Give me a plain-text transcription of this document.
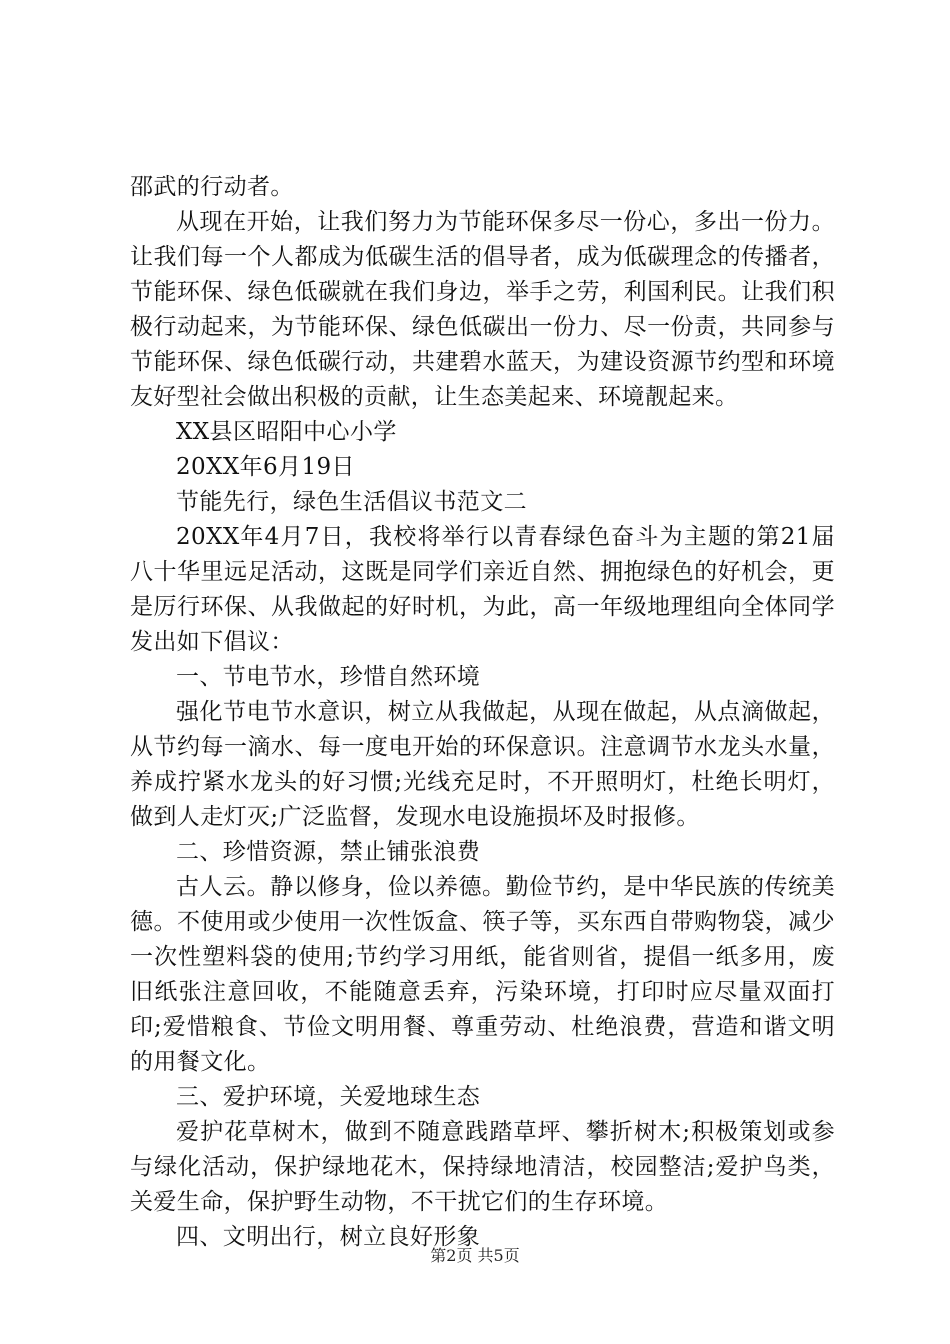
邵武的行动者。

从现在开始，让我们努力为节能环保多尽一份心，多出一份力。让我们每一个人都成为低碳生活的倡导者，成为低碳理念的传播者，节能环保、绿色低碳就在我们身边，举手之劳，利国利民。让我们积极行动起来，为节能环保、绿色低碳出一份力、尽一份责，共同参与节能环保、绿色低碳行动，共建碧水蓝天，为建设资源节约型和环境友好型社会做出积极的贡献，让生态美起来、环境靓起来。

XX县区昭阳中心小学

20XX年6月19日

节能先行，绿色生活倡议书范文二

20XX年4月7日，我校将举行以青春绿色奋斗为主题的第21届八十华里远足活动，这既是同学们亲近自然、拥抱绿色的好机会，更是厉行环保、从我做起的好时机，为此，高一年级地理组向全体同学发出如下倡议：

一、节电节水，珍惜自然环境

强化节电节水意识，树立从我做起，从现在做起，从点滴做起，从节约每一滴水、每一度电开始的环保意识。注意调节水龙头水量，养成拧紧水龙头的好习惯;光线充足时，不开照明灯，杜绝长明灯，做到人走灯灭;广泛监督，发现水电设施损坏及时报修。

二、珍惜资源，禁止铺张浪费

古人云。静以修身，俭以养德。勤俭节约，是中华民族的传统美德。不使用或少使用一次性饭盒、筷子等，买东西自带购物袋，减少一次性塑料袋的使用;节约学习用纸，能省则省，提倡一纸多用，废旧纸张注意回收，不能随意丢弃，污染环境，打印时应尽量双面打印;爱惜粮食、节俭文明用餐、尊重劳动、杜绝浪费，营造和谐文明的用餐文化。

三、爱护环境，关爱地球生态

爱护花草树木，做到不随意践踏草坪、攀折树木;积极策划或参与绿化活动，保护绿地花木，保持绿地清洁，校园整洁;爱护鸟类，关爱生命，保护野生动物，不干扰它们的生存环境。

四、文明出行，树立良好形象

第2页 共5页
